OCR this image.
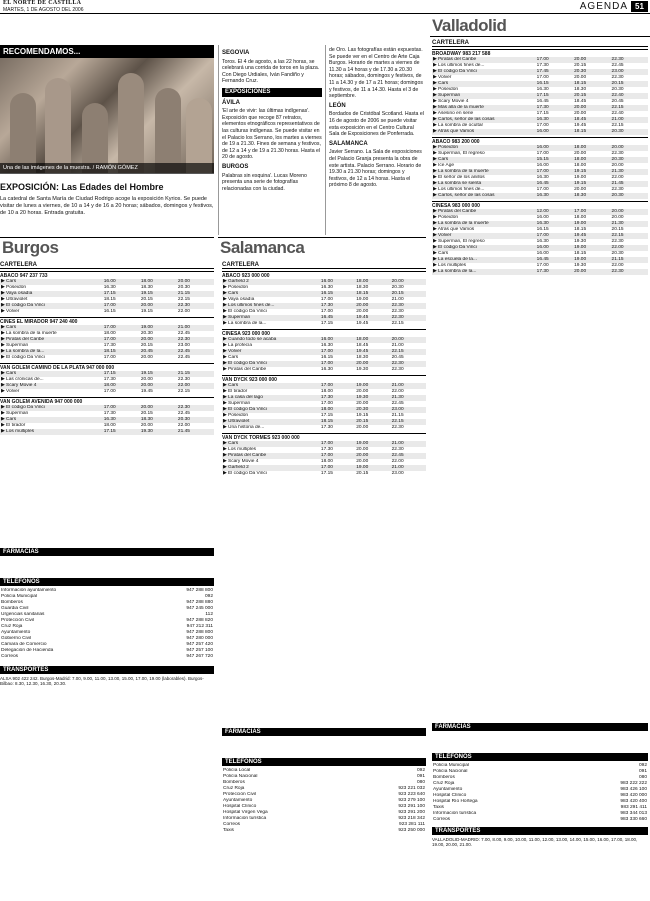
EL NORTE DE CASTILLA
MARTES, 1 DE AGOSTO DEL 2006	AGENDA 51
RECOMENDAMOS...
Una de las imágenes de la muestra. / RAMÓN GÓMEZ
EXPOSICIÓN: Las Edades del Hombre

La catedral de Santa María de Ciudad Rodrigo acoge la exposición Kyrios. Se puede visitar de lunes a viernes, de 10 a 14 y de 16 a 20 horas; sábados, domingos y festivos, de 10 a 20 horas. Entrada gratuita.

SEGOVIA

Toros. El 4 de agosto, a las 22 horas, se celebrará una corrida de toros en la plaza. Con Diego Urdiales, Iván Fandiño y Fernando Cruz.

EXPOSICIONES
ÁVILA

'El arte de vivir: las últimas indígenas'. Exposición que recoge 87 retratos, elementos etnográficos representativos de las culturas indígenas. Se puede visitar en el Palacio los Serrano, los martes a viernes de 19 a 21.30. Fines de semana y festivos, de 12 a 14 y de 19 a 21.30 horas. Hasta el 20 de agosto.

BURGOS

Palabras sin esquina'. Lucas Moreno presenta una serie de fotografías relacionadas con la ciudad.

de Oro. Las fotografías están expuestas. Se puede ver en el Centro de Arte Caja Burgos. Horario de martes a viernes de 11.30 a 14 horas y de 17.30 a 20.30 horas; sábados, domingos y festivos, de 11 a 14.30 y de 17 a 21 horas; domingos y festivos, de 11 a 14.30. Hasta el 3 de septiembre.

LEÓN

Bordados de Cristóbal Scotland. Hasta el 16 de agosto de 2006 se puede visitar esta exposición en el Centro Cultural Sala de Exposiciones de Ponferrada.

SALAMANCA

Javier Serrano. La Sala de exposiciones del Palacio Granja presenta la obra de este artista. Palacio Serrano. Horario de 19.30 a 21.30 horas; domingos y festivos, de 12 a 14 horas. Hasta el próximo 8 de agosto.

Valladolid
CARTELERA
BROADWAY 983 217 588
▶ Piratas del Caribe	17.00	20.00	22.30
▶ Los últimos fines de...	17.30	20.15	22.45
▶ El código Da Vinci	17.45	20.30	23.00
▶ Volver	17.00	20.00	22.30
▶ Cars	16.15	18.15	20.15
▶ Poseidón	16.30	18.30	20.30
▶ Superman	17.15	20.15	22.40
▶ Scary Movie 4	16.45	18.45	20.45
▶ Más allá de la muerte	17.30	20.00	22.15
▶ Asesino en serie	17.15	20.00	22.40
▶ Carlos, señor de las cosas	16.30	18.45	21.00
▶ La sombra de ocultar	17.00	19.45	22.15
▶ Atrás que Vamos	16.00	18.15	20.30
ABACO 983 200 000
▶ Poseidón	16.00	18.00	20.00
▶ Superman, El regreso	17.00	20.00	22.30
▶ Cars	15.15	18.00	20.30
▶ Ice Age	16.00	18.00	20.00
▶ La sombra de la muerte	17.00	19.15	21.30
▶ El señor de los anillos	16.30	19.00	22.00
▶ La sombra se sienta	16.45	19.15	21.45
▶ Los últimos fines de...	17.00	20.00	22.30
▶ Carlos, señor de las cosas	16.30	18.30	20.30
CINESA 983 000 000
▶ Piratas del Caribe	12.00	17.00	20.00
▶ Poseidón	16.00	18.00	20.00
▶ La sombra de la muerte	16.30	19.00	21.30
▶ Atrás que Vamos	16.15	18.15	20.15
▶ Volver	17.00	19.45	22.15
▶ Superman, El regreso	16.30	19.30	22.30
▶ El código Da Vinci	16.00	19.00	22.00
▶ Cars	16.00	18.15	20.30
▶ La escuela de la...	16.45	19.00	21.15
▶ Los múltiples	17.00	19.30	22.00
▶ La sombra de la...	17.30	20.00	22.30
Burgos
CARTELERA
ABACO 947 237 733
▶ Cars	16.00	18.00	20.00
▶ Poseidón	16.30	18.30	20.30
▶ Vaya osadía	17.15	19.15	21.15
▶ Ultraviolet	18.15	20.15	22.15
▶ El código Da Vinci	17.00	20.00	22.30
▶ Volver	16.15	19.15	22.00
CINES EL MIRADOR 947 240 400
▶ Cars	17.00	19.00	21.00
▶ La sombra de la muerte	18.00	20.30	22.45
▶ Piratas del Caribe	17.00	20.00	22.30
▶ Superman	17.30	20.15	23.00
▶ La sombra de la...	18.15	20.45	22.45
▶ El código Da Vinci	17.00	20.00	22.45
VAN GOLEM CAMINO DE LA PLATA 947 000 000
▶ Cars	17.15	19.15	21.15
▶ Las crónicas de...	17.30	20.00	22.30
▶ Scary Movie 4	18.00	20.00	22.00
▶ Volver	17.00	19.45	22.15
VAN GOLEM AVENIDA 947 000 000
▶ El código Da Vinci	17.00	20.00	22.30
▶ Superman	17.30	20.15	22.45
▶ Cars	16.30	18.30	20.30
▶ El tirador	18.00	20.00	22.00
▶ Los múltiples	17.15	19.30	21.45
Salamanca
CARTELERA
ABACO 923 000 000
▶ Garfield 2	16.00	18.00	20.00
▶ Poseidón	16.30	18.30	20.30
▶ Cars	16.15	18.15	20.15
▶ Vaya osadía	17.00	19.00	21.00
▶ Los últimos fines de...	17.30	20.00	22.30
▶ El código Da Vinci	17.00	20.00	22.30
▶ Superman	16.45	19.45	22.30
▶ La sombra de la...	17.15	19.45	22.15
CINESA 923 000 000
▶ Cuando todo se acaba	16.00	18.00	20.00
▶ La profecía	16.30	18.45	21.00
▶ Volver	17.00	19.45	22.15
▶ Cars	16.15	18.30	20.45
▶ El código Da Vinci	17.00	20.00	22.30
▶ Piratas del Caribe	16.30	19.30	22.30
VAN DYCK 923 000 000
▶ Cars	17.00	19.00	21.00
▶ El tirador	18.00	20.00	22.00
▶ La casa del lago	17.30	19.30	21.30
▶ Superman	17.00	20.00	22.45
▶ El código Da Vinci	18.00	20.30	23.00
▶ Poseidón	17.15	19.15	21.15
▶ Ultraviolet	18.15	20.15	22.15
▶ Una historia de...	17.30	20.00	22.30
VAN DYCK TORMES 923 000 000
▶ Cars	17.00	19.00	21.00
▶ Los múltiples	17.30	20.00	22.30
▶ Piratas del Caribe	17.00	20.00	22.45
▶ Scary Movie 4	18.00	20.00	22.00
▶ Garfield 2	17.00	19.00	21.00
▶ El código Da Vinci	17.15	20.15	23.00
FARMACIAS
TELÉFONOS
Información ayuntamiento	947 288 800
Policía Municipal	092
Bomberos	947 288 880
Guardia Civil	947 245 000
Urgencias sanitarias	112
Protección Civil	947 288 820
Cruz Roja	947 212 311
Ayuntamiento	947 288 800
Gobierno Civil	947 280 000
Cámara de Comercio	947 257 420
Delegación de Hacienda	947 257 100
Correos	947 267 720
TRANSPORTES

ALSA 902 422 242. Burgos-Madrid: 7.00, 9.00, 11.00, 13.00, 15.00, 17.00, 19.00 (laborables). Burgos-Bilbao: 8.30, 12.30, 16.30, 20.30.

FARMACIAS
TELÉFONOS
Policía Local	092
Policía Nacional	091
Bomberos	080
Cruz Roja	923 221 032
Protección Civil	923 223 640
Ayuntamiento	923 279 100
Hospital Clínico	923 291 100
Hospital Virgen Vega	923 291 200
Información turística	923 218 342
Correos	923 281 111
Taxis	923 250 000
FARMACIAS
TELÉFONOS
Policía Municipal	092
Policía Nacional	091
Bomberos	080
Cruz Roja	983 222 222
Ayuntamiento	983 426 100
Hospital Clínico	983 420 000
Hospital Río Hortega	983 420 400
Taxis	983 291 411
Información turística	983 344 013
Correos	983 330 660
TRANSPORTES

VALLADOLID-MADRID: 7.00, 8.00, 9.00, 10.00, 11.00, 12.00, 13.00, 14.00, 15.00, 16.00, 17.00, 18.00, 19.00, 20.00, 21.00.
